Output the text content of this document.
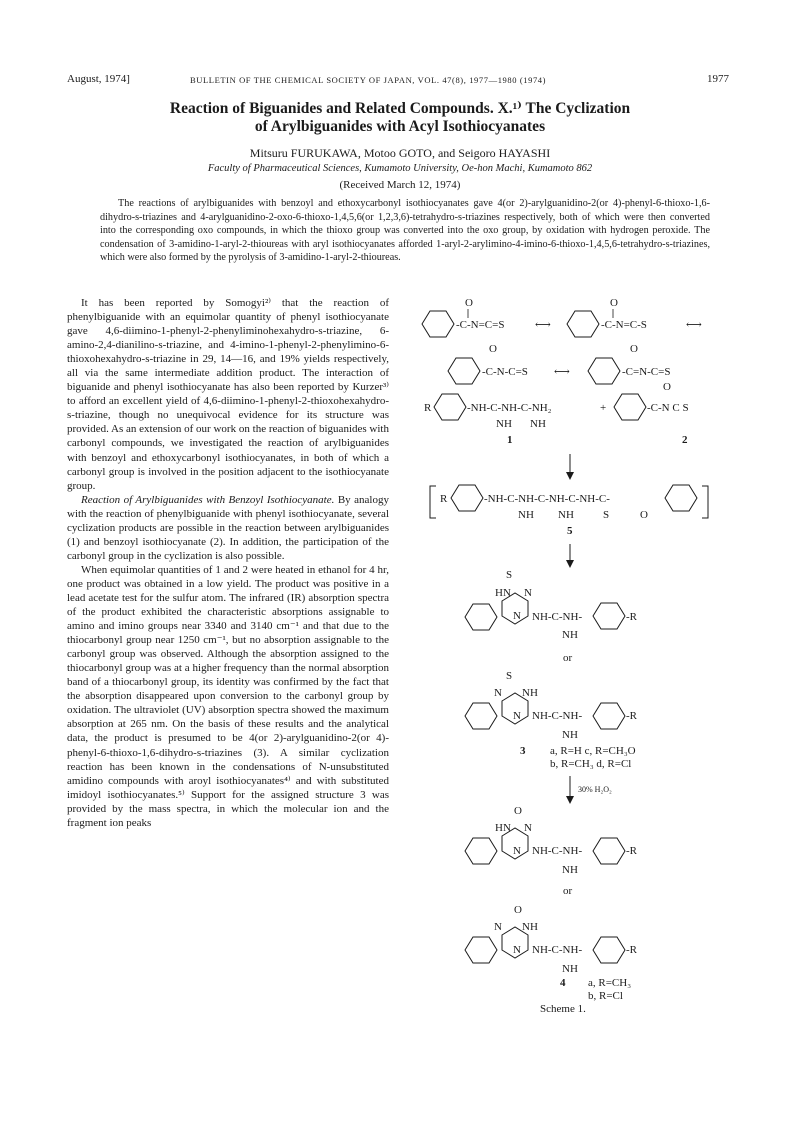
August, 1974]	BULLETIN OF THE CHEMICAL SOCIETY OF JAPAN, VOL. 47(8), 1977—1980 (1974)	1977
Reaction of Biguanides and Related Compounds. X.¹⁾ The Cyclization
of Arylbiguanides with Acyl Isothiocyanates
Mitsuru FURUKAWA, Motoo GOTO, and Seigoro HAYASHI
Faculty of Pharmaceutical Sciences, Kumamoto University, Oe-hon Machi, Kumamoto 862
(Received March 12, 1974)
The reactions of arylbiguanides with benzoyl and ethoxycarbonyl isothiocyanates gave 4(or 2)-arylguanidino-2(or 4)-phenyl-6-thioxo-1,6-dihydro-s-triazines and 4-arylguanidino-2-oxo-6-thioxo-1,4,5,6(or 1,2,3,6)-tetrahydro-s-triazines respectively, both of which were then converted into the corresponding oxo compounds, in which the thioxo group was converted into the oxo group, by oxidation with hydrogen peroxide. The condensation of 3-amidino-1-aryl-2-thioureas with aryl isothiocyanates afforded 1-aryl-2-arylimino-4-imino-6-thioxo-1,4,5,6-tetrahydro-s-triazines, which were also formed by the pyrolysis of 3-amidino-1-aryl-2-thioureas.

It has been reported by Somogyi²⁾ that the reaction of phenylbiguanide with an equimolar quantity of phenyl isothiocyanate gave 4,6-diimino-1-phenyl-2-phenyliminohexahydro-s-triazine, 6-amino-2,4-dianilino-s-triazine, and 4-imino-1-phenyl-2-phenylimino-6-thioxohexahydro-s-triazine in 29, 14—16, and 19% yields respectively, all via the same intermediate addition product. The interaction of biguanide and phenyl isothiocyanate has also been reported by Kurzer³⁾ to afford an excellent yield of 4,6-diimino-1-phenyl-2-thioxohexahydro-s-triazine, though no unequivocal evidence for its structure was provided. As an extension of our work on the reaction of biguanides with carbonyl compounds, we investigated the reaction of arylbiguanides with benzoyl and ethoxycarbonyl isothiocyanates, in both of which a carbonyl group is involved in the position adjacent to the isothiocyanate group.

Reaction of Arylbiguanides with Benzoyl Isothiocyanate. By analogy with the reaction of phenylbiguanide with phenyl isothiocyanate, several cyclization products are possible in the reaction between arylbiguanides (1) and benzoyl isothiocyanate (2). In addition, the participation of the carbonyl group in the cyclization is also possible.

When equimolar quantities of 1 and 2 were heated in ethanol for 4 hr, one product was obtained in a low yield. The product was positive in a lead acetate test for the sulfur atom. The infrared (IR) absorption spectra of the product exhibited the characteristic absorptions assignable to amino and imino groups near 3340 and 3140 cm⁻¹ and that due to the thiocarbonyl group near 1250 cm⁻¹, but no absorption assignable to the carbonyl group was observed. Although the absorption assigned to the thiocarbonyl group was at a higher frequency than the normal absorption band of a thiocarbonyl group, its identity was confirmed by the fact that the absorption disappeared upon conversion to the carbonyl group by oxidation. The ultraviolet (UV) absorption spectra showed the maximum absorption at 265 nm. On the basis of these results and the analytical data, the product is presumed to be 4(or 2)-arylguanidino-2(or 4)-phenyl-6-thioxo-1,6-dihydro-s-triazines (3). A similar cyclization reaction has been known in the condensations of N-unsubstituted amidino compounds with aroyl isothiocyanates⁴⁾ and with substituted imidoyl isothiocyanates.⁵⁾ Support for the assigned structure 3 was provided by the mass spectra, in which the molecular ion and the fragment ion peaks

O
-C-N=C=S	⟷
O
-C-N=C-S	⟷
O
-C-N-C=S ⟷
O
-C=N-C=S
R	-NH-C-NH-C-NH₂
NH NH
1
+
O
-C-N C S
2
R	-NH-C-NH-C-NH-C-NH-C-
NH NH	S	O
5
S
HN N
N NH-C-NH-	-R
NH
or
S
N NH
N NH-C-NH-	-R
NH
3 a, R=H c, R=CH₃O
b, R=CH₃ d, R=Cl
30% H₂O₂
O
HN N
N NH-C-NH-	-R
NH
or
O
N NH
N NH-C-NH-	-R
NH
4 a, R=CH₃
b, R=Cl
Scheme 1.
